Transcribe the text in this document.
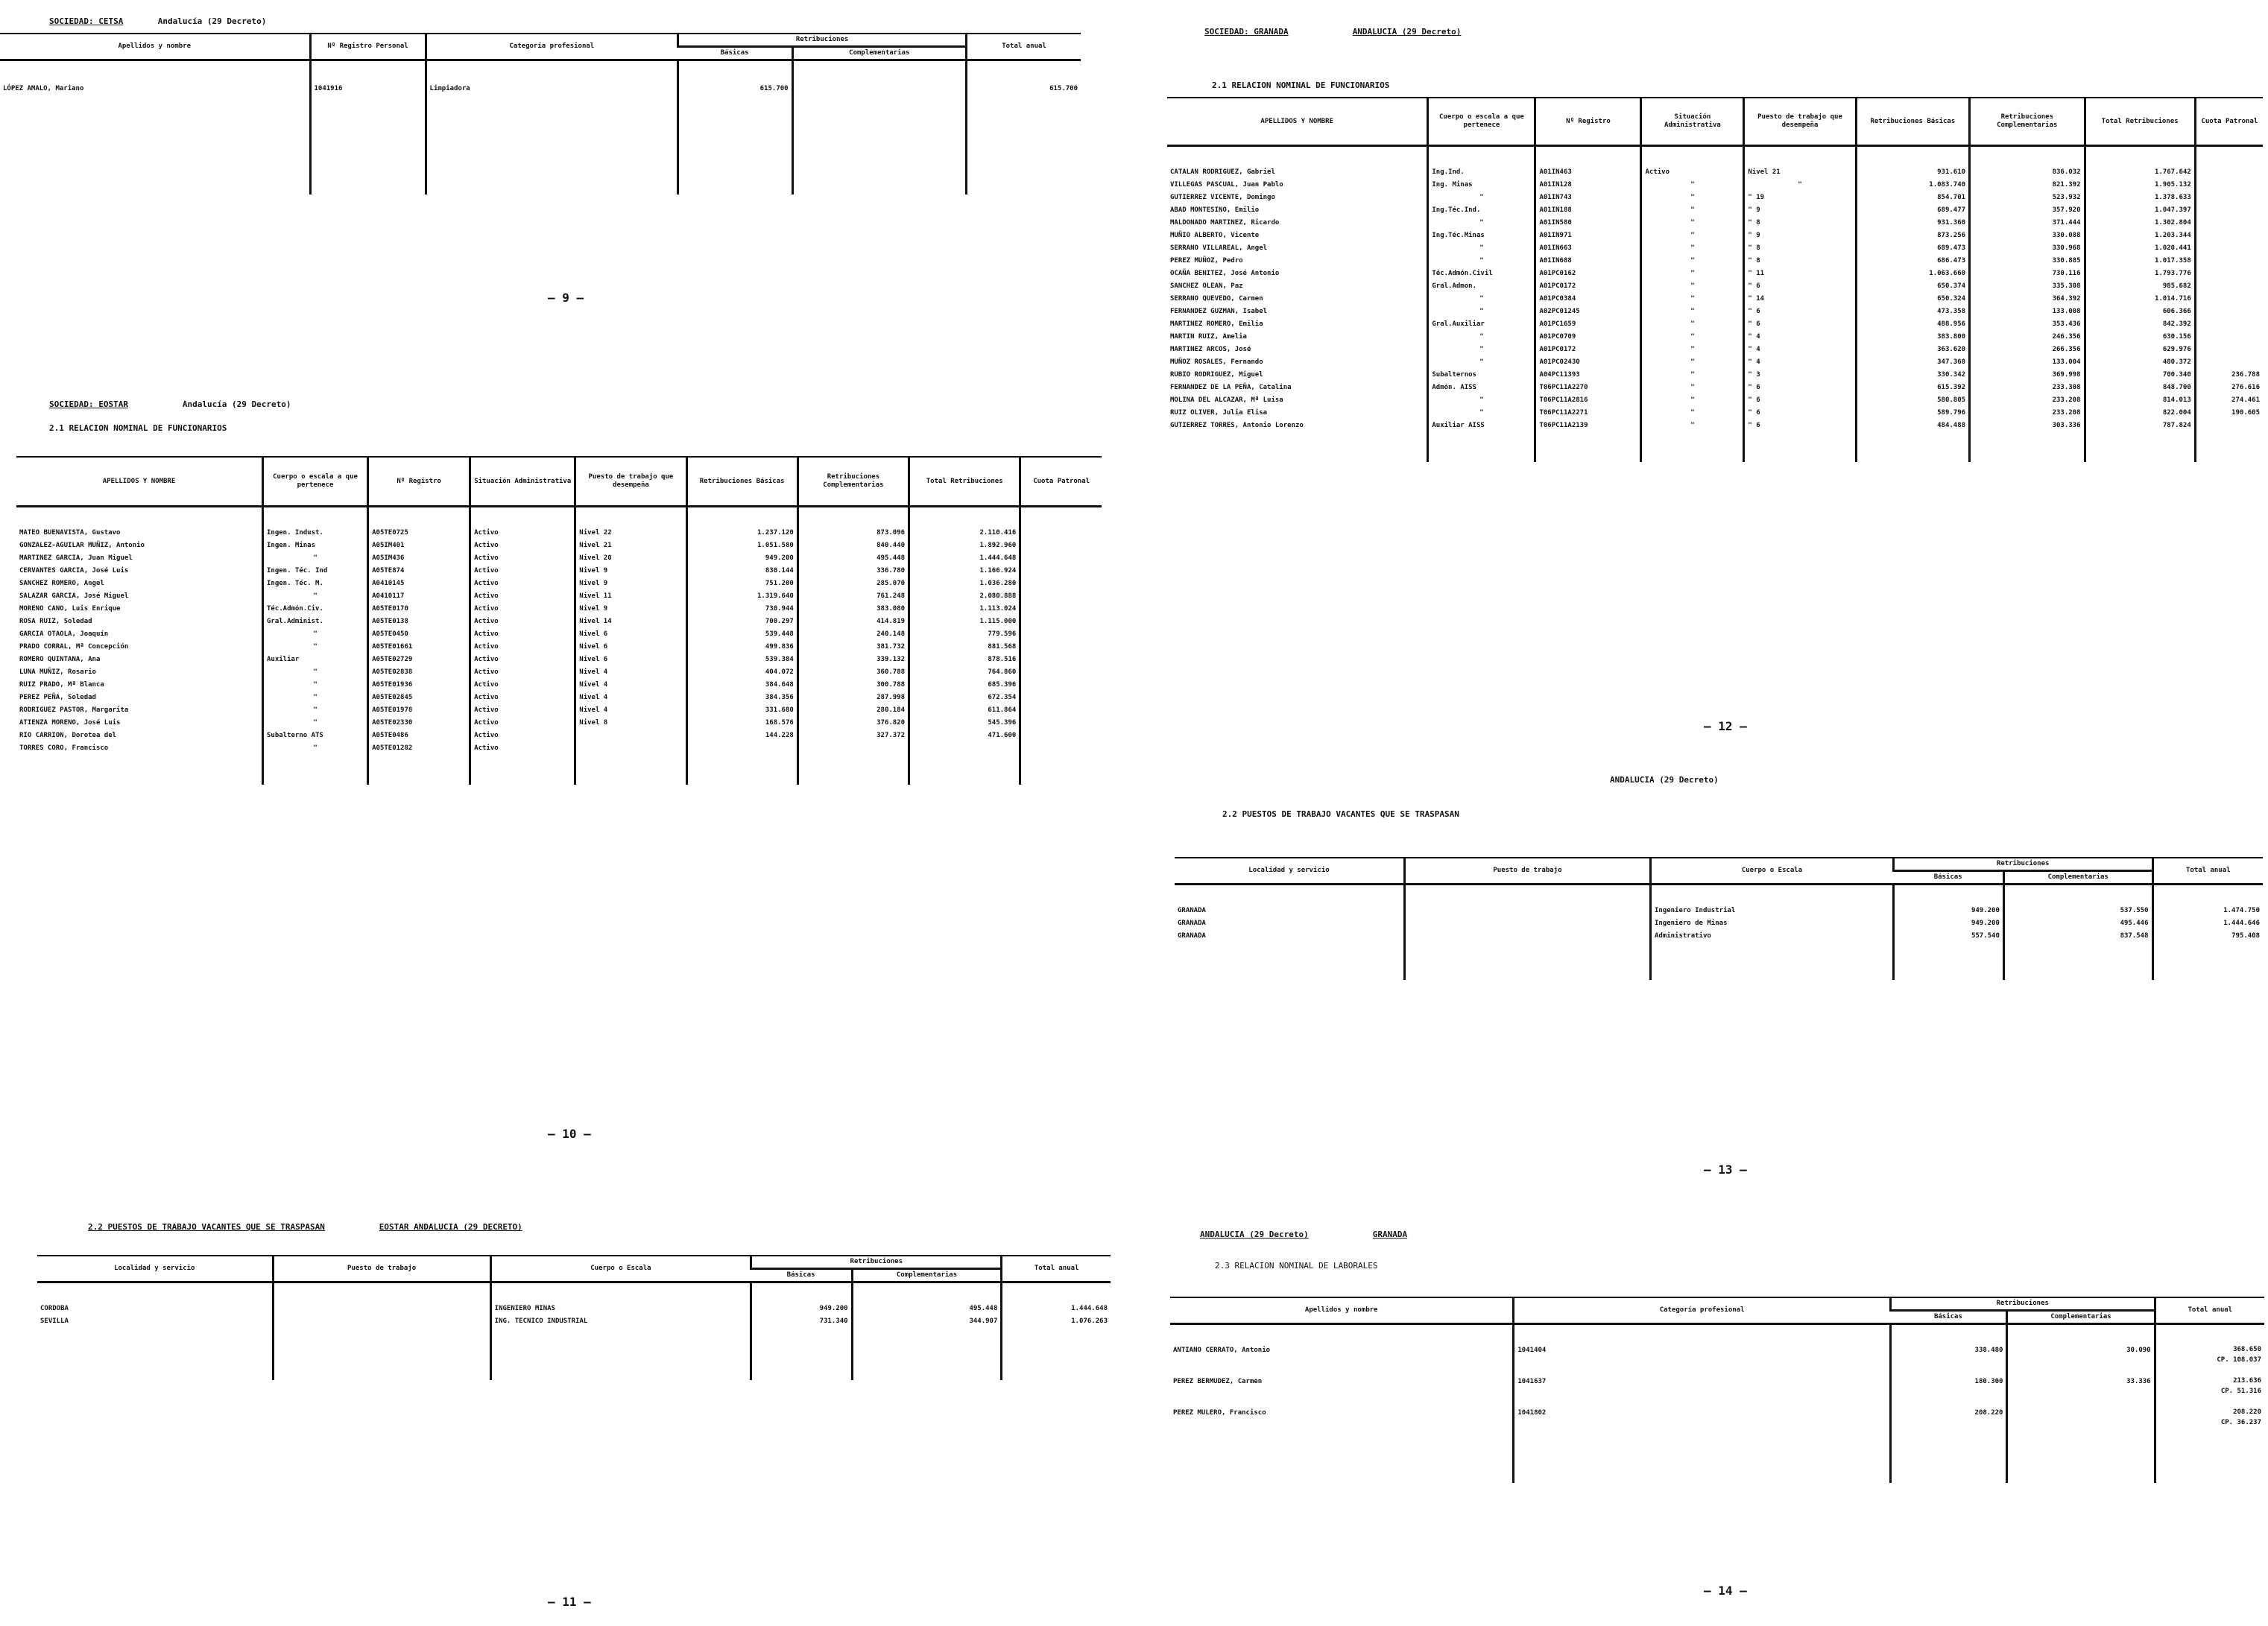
SOCIEDAD: CETSA	Andalucía (29 Decreto)
Apellidos y nombre	Nº Registro Personal	Categoría profesional	Retribuciones		Total anual
			Básicas	Complementarias	

LÓPEZ AMALO, Mariano	1041916	Limpiadora	615.700		615.700
— 9 —
SOCIEDAD: EOSTAR	Andalucía (29 Decreto)
2.1 RELACION NOMINAL DE FUNCIONARIOS
APELLIDOS Y NOMBRE	Cuerpo o escala a que pertenece	Nº Registro	Situación Administrativa	Puesto de trabajo que desempeña	Retribuciones Básicas	Retribuciones Complementarias	Total Retribuciones	Cuota Patronal

MATEO BUENAVISTA, Gustavo	Ingen. Indust.	A05TE0725	Activo	Nivel 22	1.237.120	873.096	2.110.416	
GONZALEZ-AGUILAR MUÑIZ, Antonio	Ingen. Minas	A05IM401	Activo	Nivel 21	1.051.580	840.440	1.892.960	
MARTINEZ GARCIA, Juan Miguel	"	A05IM436	Activo	Nivel 20	949.200	495.448	1.444.648	
CERVANTES GARCIA, José Luis	Ingen. Téc. Ind	A05TE874	Activo	Nivel 9	830.144	336.780	1.166.924	
SANCHEZ ROMERO, Angel	Ingen. Téc. M.	A0410145	Activo	Nivel 9	751.200	285.070	1.036.280	
SALAZAR GARCIA, José Miguel	"	A0410117	Activo	Nivel 11	1.319.640	761.248	2.080.888	
MORENO CANO, Luis Enrique	Téc.Admón.Civ.	A05TE0170	Activo	Nivel 9	730.944	383.080	1.113.024	
ROSA RUIZ, Soledad	Gral.Administ.	A05TE0138	Activo	Nivel 14	700.297	414.819	1.115.000	
GARCIA OTAOLA, Joaquín	"	A05TE0450	Activo	Nivel 6	539.448	240.148	779.596	
PRADO CORRAL, Mª Concepción	"	A05TE01661	Activo	Nivel 6	499.836	381.732	881.568	
ROMERO QUINTANA, Ana	Auxiliar	A05TE02729	Activo	Nivel 6	539.384	339.132	878.516	
LUNA MUÑIZ, Rosario	"	A05TE02838	Activo	Nivel 4	404.072	360.788	764.860	
RUIZ PRADO, Mª Blanca	"	A05TE01936	Activo	Nivel 4	384.648	300.788	685.396	
PEREZ PEÑA, Soledad	"	A05TE02845	Activo	Nivel 4	384.356	287.998	672.354	
RODRIGUEZ PASTOR, Margarita	"	A05TE01978	Activo	Nivel 4	331.680	280.184	611.864	
ATIENZA MORENO, José Luis	"	A05TE02330	Activo	Nivel 8	168.576	376.820	545.396	
RIO CARRION, Dorotea del	Subalterno ATS	A05TE0486	Activo		144.228	327.372	471.600	
TORRES CORO, Francisco	"	A05TE01282	Activo					

— 10 —
2.2 PUESTOS DE TRABAJO VACANTES QUE SE TRASPASAN	EOSTAR ANDALUCIA (29 DECRETO)
Localidad y servicio	Puesto de trabajo	Cuerpo o Escala	Retribuciones		Total anual
			Básicas	Complementarias	

CORDOBA		INGENIERO MINAS	949.200	495.448	1.444.648
SEVILLA		ING. TECNICO INDUSTRIAL	731.340	344.907	1.076.263

— 11 —
SOCIEDAD: GRANADA	ANDALUCIA (29 Decreto)
2.1 RELACION NOMINAL DE FUNCIONARIOS
APELLIDOS Y NOMBRE	Cuerpo o escala a que pertenece	Nº Registro	Situación Administrativa	Puesto de trabajo que desempeña	Retribuciones Básicas	Retribuciones Complementarias	Total Retribuciones	Cuota Patronal

CATALAN RODRIGUEZ, Gabriel	Ing.Ind.	A01IN463	Activo	Nivel 21	931.610	836.032	1.767.642	
VILLEGAS PASCUAL, Juan Pablo	Ing. Minas	A01IN128	"	"	1.083.740	821.392	1.905.132	
GUTIERREZ VICENTE, Domingo	"	A01IN743	"	" 19	854.701	523.932	1.378.633	
ABAD MONTESINO, Emilio	Ing.Téc.Ind.	A01IN188	"	" 9	689.477	357.920	1.047.397	
MALDONADO MARTINEZ, Ricardo	"	A01IN580	"	" 8	931.360	371.444	1.302.804	
MUÑIO ALBERTO, Vicente	Ing.Téc.Minas	A01IN971	"	" 9	873.256	330.088	1.203.344	
SERRANO VILLAREAL, Angel	"	A01IN663	"	" 8	689.473	330.968	1.020.441	
PEREZ MUÑOZ, Pedro	"	A01IN688	"	" 8	686.473	330.885	1.017.358	
OCAÑA BENITEZ, José Antonio	Téc.Admón.Civil	A01PC0162	"	" 11	1.063.660	730.116	1.793.776	
SANCHEZ OLEAN, Paz	Gral.Admon.	A01PC0172	"	" 6	650.374	335.308	985.682	
SERRANO QUEVEDO, Carmen	"	A01PC0384	"	" 14	650.324	364.392	1.014.716	
FERNANDEZ GUZMAN, Isabel	"	A02PC01245	"	" 6	473.358	133.008	606.366	
MARTINEZ ROMERO, Emilia	Gral.Auxiliar	A01PC1659	"	" 6	488.956	353.436	842.392	
MARTIN RUIZ, Amelia	"	A01PC0709	"	" 4	383.800	246.356	630.156	
MARTINEZ ARCOS, José	"	A01PC0172	"	" 4	363.620	266.356	629.976	
MUÑOZ ROSALES, Fernando	"	A01PC02430	"	" 4	347.368	133.004	480.372	

RUBIO RODRIGUEZ, Miguel	Subalternos	A04PC11393	"	" 3	330.342	369.998	700.340	236.788
FERNANDEZ DE LA PEÑA, Catalina	Admón. AISS	T06PC11A2270	"	" 6	615.392	233.308	848.700	276.616
MOLINA DEL ALCAZAR, Mª Luisa	"	T06PC11A2816	"	" 6	580.805	233.208	814.013	274.461
RUIZ OLIVER, Julia Elisa	"	T06PC11A2271	"	" 6	589.796	233.208	822.004	190.605
GUTIERREZ TORRES, Antonio Lorenzo	Auxiliar AISS	T06PC11A2139	"	" 6	484.488	303.336	787.824	

— 12 —
ANDALUCIA (29 Decreto)
2.2 PUESTOS DE TRABAJO VACANTES QUE SE TRASPASAN
Localidad y servicio	Puesto de trabajo	Cuerpo o Escala	Retribuciones		Total anual
			Básicas	Complementarias	

GRANADA		Ingeniero Industrial	949.200	537.550	1.474.750
GRANADA		Ingeniero de Minas	949.200	495.446	1.444.646
GRANADA		Administrativo	557.540	837.548	795.408

— 13 —
ANDALUCIA (29 Decreto)	GRANADA
2.3 RELACION NOMINAL DE LABORALES
Apellidos y nombre	Categoría profesional	Retribuciones		Total anual
		Básicas	Complementarias	

ANTIANO CERRATO, Antonio	1041404	338.480	30.090	368.650
CP. 108.037

PEREZ BERMUDEZ, Carmen	1041637	180.300	33.336	213.636
CP. 51.316

PEREZ MULERO, Francisco	1041802	208.220		208.220
CP. 36.237

— 14 —
